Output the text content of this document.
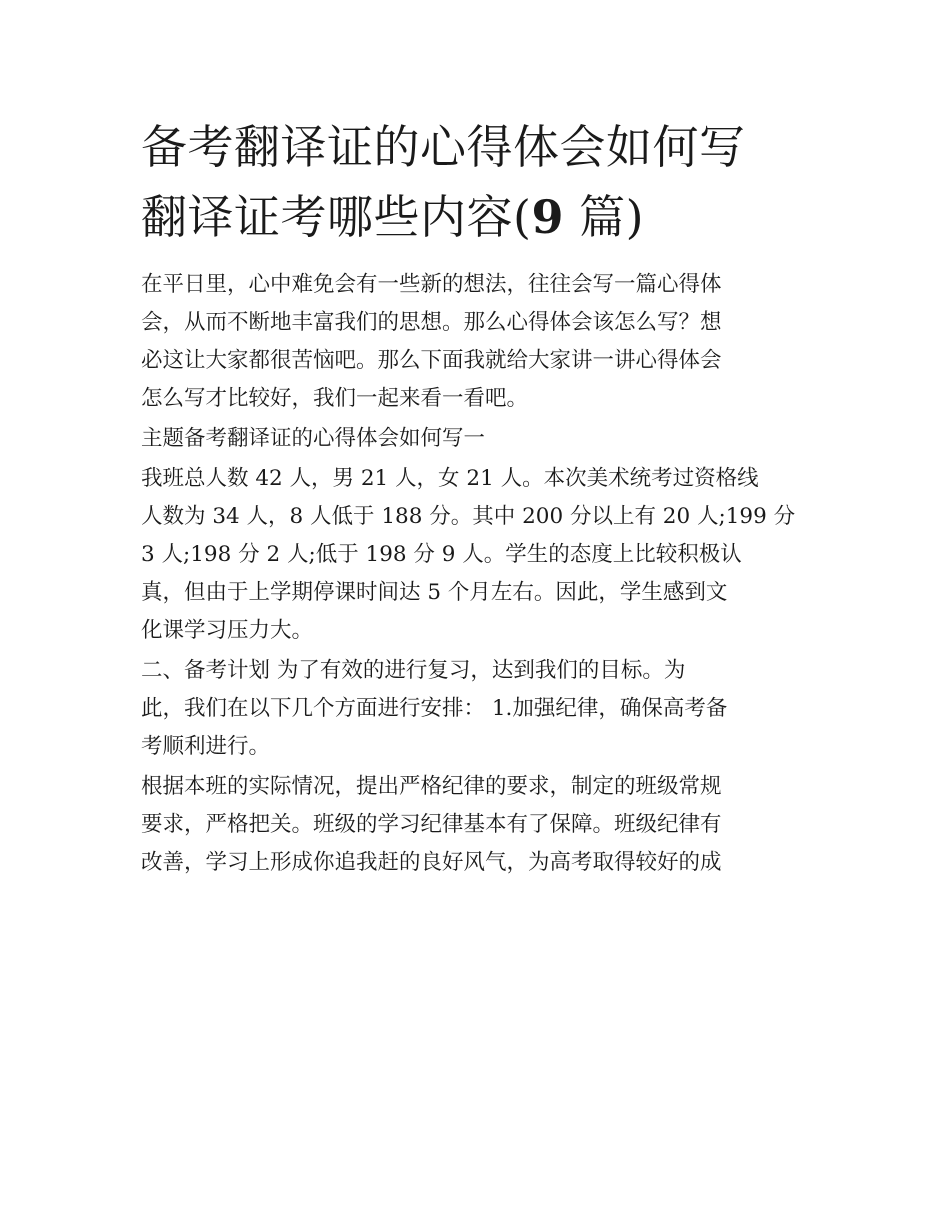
备考翻译证的心得体会如何写
翻译证考哪些内容(9 篇)

在平日里，心中难免会有一些新的想法，往往会写一篇心得体
会，从而不断地丰富我们的思想。那么心得体会该怎么写？想
必这让大家都很苦恼吧。那么下面我就给大家讲一讲心得体会
怎么写才比较好，我们一起来看一看吧。

主题备考翻译证的心得体会如何写一

我班总人数 42 人，男 21 人，女 21 人。本次美术统考过资格线
人数为 34 人，8 人低于 188 分。其中 200 分以上有 20 人;199 分
3 人;198 分 2 人;低于 198 分 9 人。学生的态度上比较积极认
真，但由于上学期停课时间达 5 个月左右。因此，学生感到文
化课学习压力大。

二、备考计划 为了有效的进行复习，达到我们的目标。为
此，我们在以下几个方面进行安排： 1.加强纪律，确保高考备
考顺利进行。

根据本班的实际情况，提出严格纪律的要求，制定的班级常规
要求，严格把关。班级的学习纪律基本有了保障。班级纪律有
改善，学习上形成你追我赶的良好风气，为高考取得较好的成
